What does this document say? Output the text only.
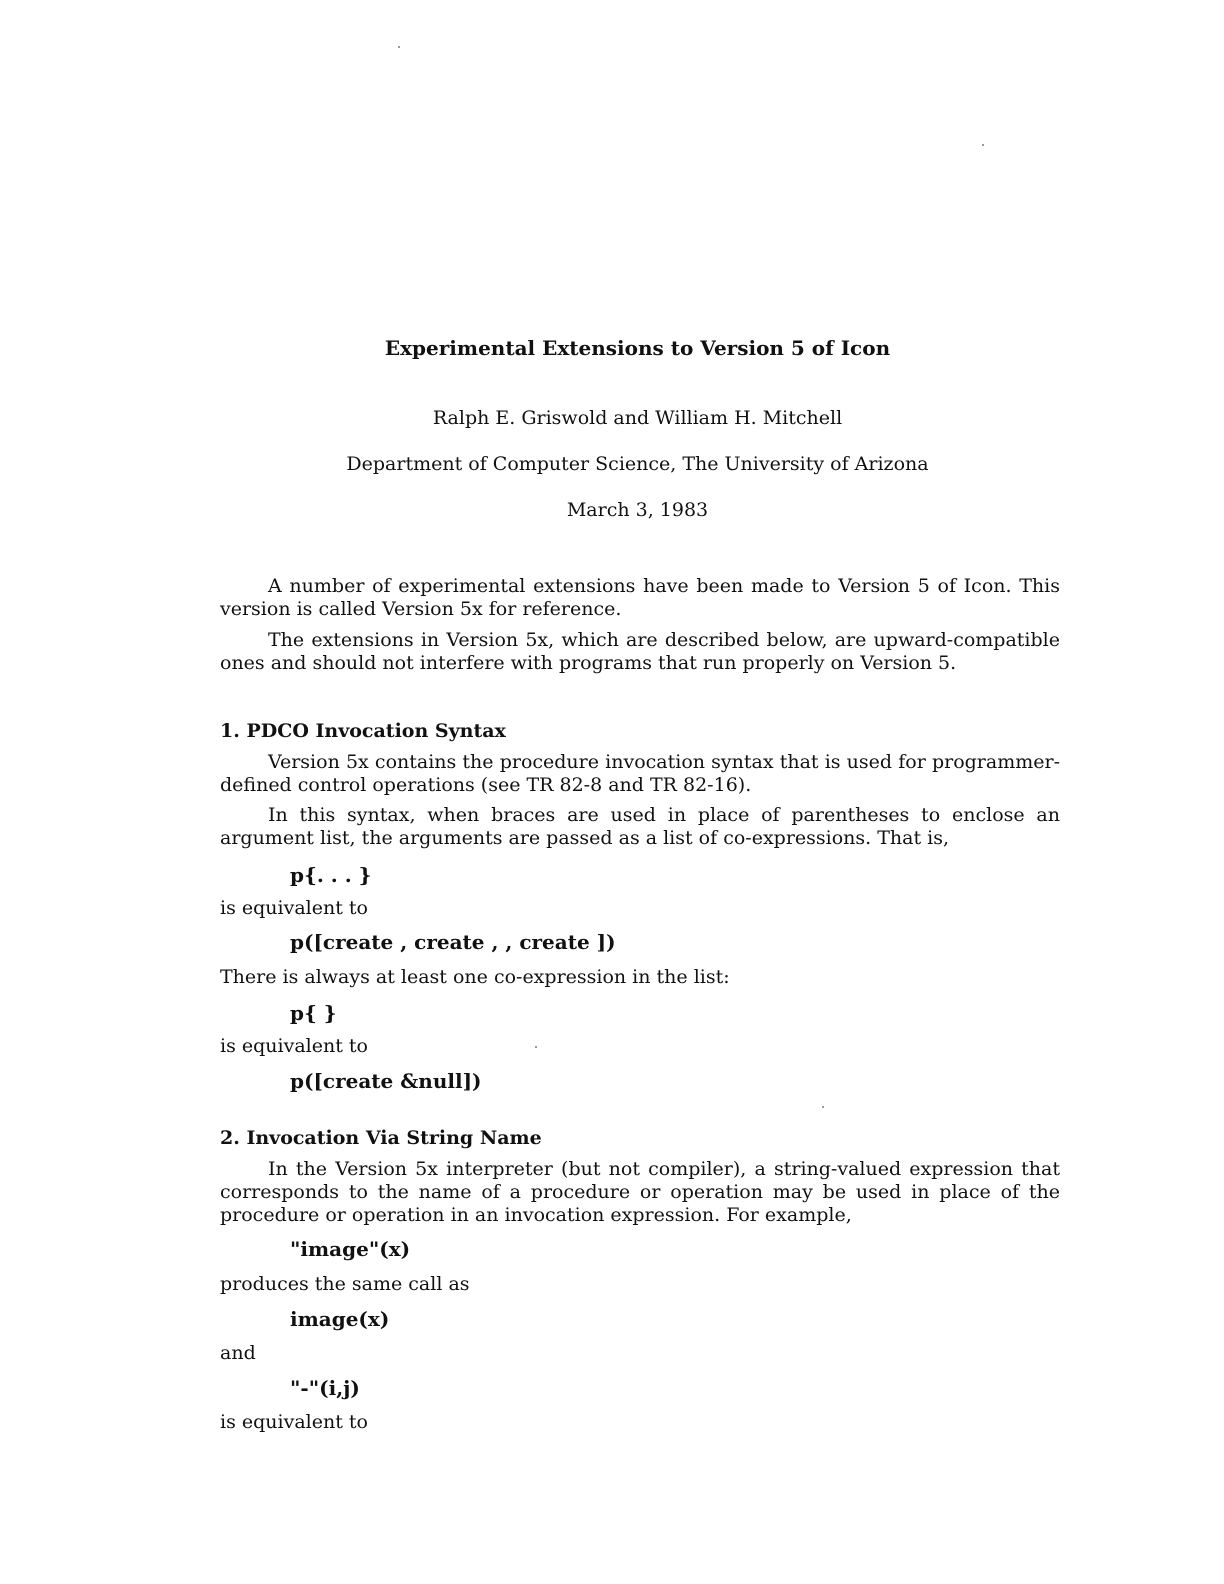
Experimental Extensions to Version 5 of Icon
Ralph E. Griswold and William H. Mitchell
Department of Computer Science, The University of Arizona
March 3, 1983
A number of experimental extensions have been made to Version 5 of Icon. This version is called Version 5x for reference.
The extensions in Version 5x, which are described below, are upward-compatible ones and should not interfere with programs that run properly on Version 5.
1. PDCO Invocation Syntax
Version 5x contains the procedure invocation syntax that is used for programmer-defined control operations (see TR 82-8 and TR 82-16).
In this syntax, when braces are used in place of parentheses to enclose an argument list, the arguments are passed as a list of co-expressions. That is,
p{. . . }
is equivalent to
p([create , create , , create ])
There is always at least one co-expression in the list:
p{ }
is equivalent to
p([create &null])
2. Invocation Via String Name
In the Version 5x interpreter (but not compiler), a string-valued expression that corresponds to the name of a procedure or operation may be used in place of the procedure or operation in an invocation expression. For example,
"image"(x)
produces the same call as
image(x)
and
"-"(i,j)
is equivalent to
